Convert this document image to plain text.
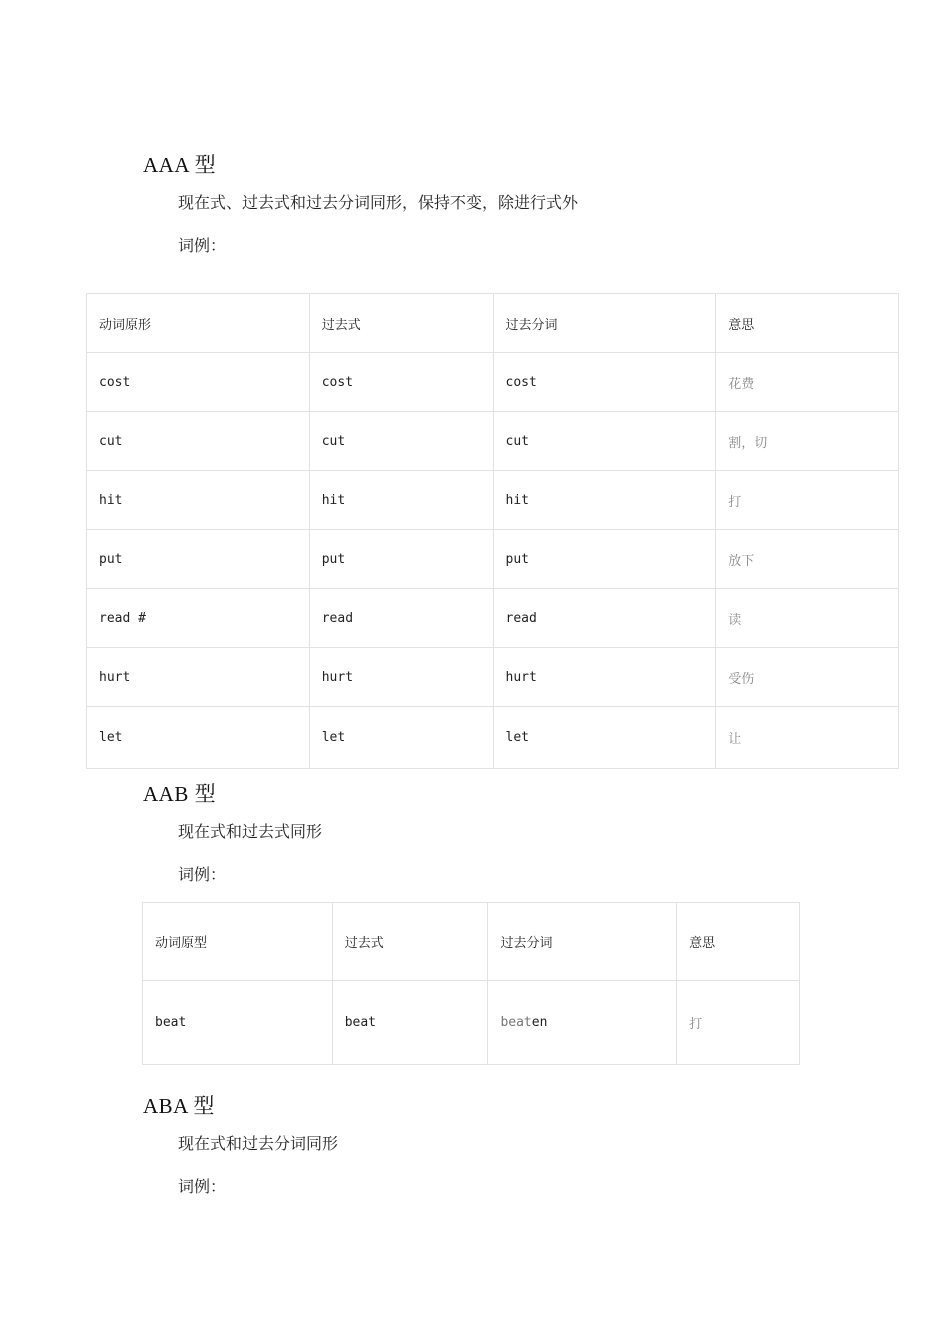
AAA 型
现在式、过去式和过去分词同形，保持不变，除进行式外
词例：
动词原形	过去式	过去分词	意思
cost	cost	cost	花费
cut	cut	cut	割，切
hit	hit	hit	打
put	put	put	放下
read #	read	read	读
hurt	hurt	hurt	受伤
let	let	let	让
AAB 型
现在式和过去式同形
词例：
动词原型	过去式	过去分词	意思
beat	beat	beaten	打
ABA 型
现在式和过去分词同形
词例：
